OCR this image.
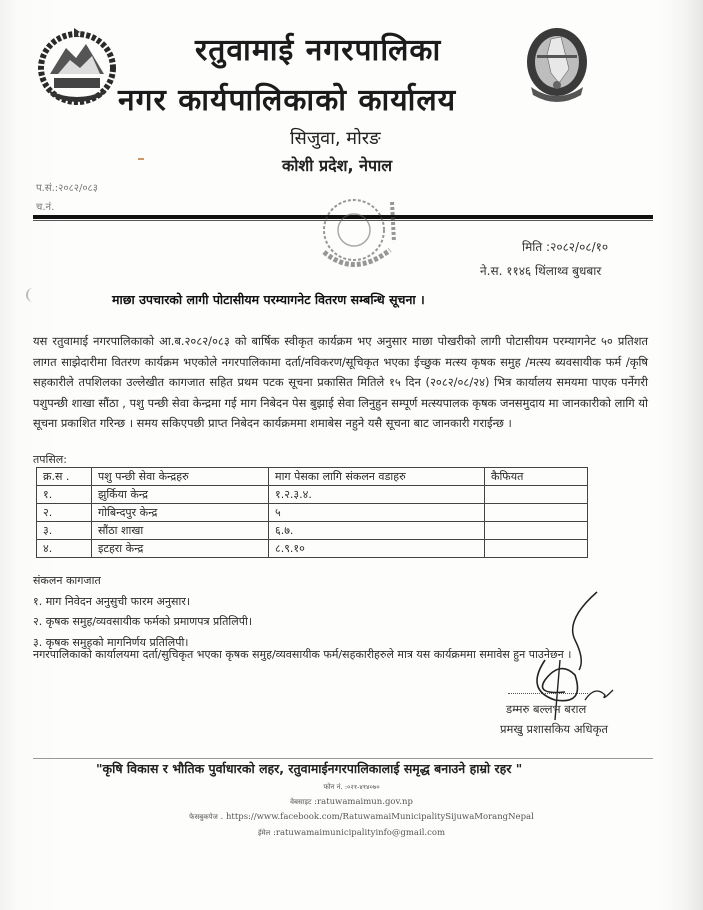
रतुवामाई नगरपालिका
नगर कार्यपालिकाको कार्यालय
सिजुवा, मोरङ
कोशी प्रदेश, नेपाल
प.सं.:२०८२/०८३
च.नं.
मिति :२०८२/०८/१०
ने.स. ११४६ थिंलाथ्व बुधबार
माछा उपचारको लागी पोटासीयम परम्यागनेट वितरण सम्बन्धि सूचना ।
यस रतुवामाई नगरपालिकाको आ.ब.२०८२/०८३ को बार्षिक स्वीकृत कार्यक्रम भए अनुसार माछा पोखरीको लागी पोटासीयम परम्यागनेट ५० प्रतिशत लागत साझेदारीमा वितरण कार्यक्रम भएकोले नगरपालिकामा दर्ता/नविकरण/सूचिकृत भएका ईच्छुक मत्स्य कृषक समुह /मत्स्य ब्यवसायीक फर्म /कृषि सहकारीले तपशिलका उल्लेखीत कागजात सहित प्रथम पटक सूचना प्रकासित मितिले १५ दिन (२०८२/०८/२४) भित्र कार्यालय समयमा पाएक पर्नेगरी पशुपन्छी शाखा सौंठा , पशु पन्छी सेवा केन्द्रमा गई माग निबेदन पेस बुझाई सेवा लिनुहुन सम्पूर्ण मत्स्यपालक कृषक जनसमुदाय मा जानकारीको लागि यो सूचना प्रकाशित गरिन्छ । समय सकिएपछी प्राप्त निबेदन कार्यक्रममा शमाबेस नहुने यसै सूचना बाट जानकारी गराईन्छ ।
तपसिल:
क्र.स .	पशु पन्छी सेवा केन्द्रहरु	माग पेसका लागि संकलन वडाहरु	कैफियत
१.	झुर्किया केन्द्र	१.२.३.४.	
२.	गोबिन्दपुर केन्द्र	५	
३.	सौंठा शाखा	६.७.	
४.	इटहरा केन्द्र	८.९.१०	
संकलन कागजात
१. माग निवेदन अनुसुची फारम अनुसार।
२. कृषक समुह/व्यवसायीक फर्मको प्रमाणपत्र प्रतिलिपी।
३. कृषक समुहको मागनिर्णय प्रतिलिपी।
नगरपालिकाको कार्यालयमा दर्ता/सुचिकृत भएका कृषक समुह/व्यवसायीक फर्म/सहकारीहरुले मात्र यस कार्यक्रममा समावेस हुन पाउनेछन ।
डम्मरु बल्लभ बराल
प्रमखु प्रशासकिय अधिकृत
"कृषि विकास र भौतिक पुर्वाधारको लहर, रतुवामाईनगरपालिकालाई समृद्ध बनाउने हाम्रो रहर "
फोन नं. :०२१-४१४०७०
वेबसाइट :ratuwamaimun.gov.np
फेसबुकपेज . https://www.facebook.com/RatuwamaiMunicipalitySijuwaMorangNepal
ईमेल :ratuwamaimunicipalityinfo@gmail.com
